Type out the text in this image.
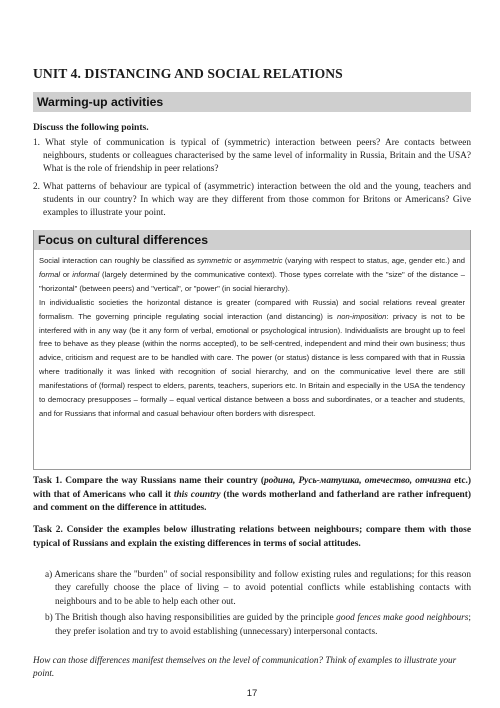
UNIT 4. DISTANCING AND SOCIAL RELATIONS
Warming-up activities
Discuss the following points.
1. What style of communication is typical of (symmetric) interaction between peers? Are contacts between neighbours, students or colleagues characterised by the same level of informality in Russia, Britain and the USA? What is the role of friendship in peer relations?
2. What patterns of behaviour are typical of (asymmetric) interaction between the old and the young, teachers and students in our country? In which way are they different from those common for Britons or Americans? Give examples to illustrate your point.
Focus on cultural differences

Social interaction can roughly be classified as symmetric or asymmetric (varying with respect to status, age, gender etc.) and formal or informal (largely determined by the communicative context). Those types correlate with the "size" of the distance – "horizontal" (between peers) and "vertical", or "power" (in social hierarchy).

In individualistic societies the horizontal distance is greater (compared with Russia) and social relations reveal greater formalism. The governing principle regulating social interaction (and distancing) is non-imposition: privacy is not to be interfered with in any way (be it any form of verbal, emotional or psychological intrusion). Individualists are brought up to feel free to behave as they please (within the norms accepted), to be self-centred, independent and mind their own business; thus advice, criticism and request are to be handled with care. The power (or status) distance is less compared with that in Russia where traditionally it was linked with recognition of social hierarchy, and on the communicative level there are still manifestations of (formal) respect to elders, parents, teachers, superiors etc. In Britain and especially in the USA the tendency to democracy presupposes – formally – equal vertical distance between a boss and subordinates, or a teacher and students, and for Russians that informal and casual behaviour often borders with disrespect.

Task 1. Compare the way Russians name their country (родина, Русь-матушка, отечество, отчизна etc.) with that of Americans who call it this country (the words motherland and fatherland are rather infrequent) and comment on the difference in attitudes.
Task 2. Consider the examples below illustrating relations between neighbours; compare them with those typical of Russians and explain the existing differences in terms of social attitudes.
a) Americans share the "burden" of social responsibility and follow existing rules and regulations; for this reason they carefully choose the place of living – to avoid potential conflicts while establishing contacts with neighbours and to be able to help each other out.
b) The British though also having responsibilities are guided by the principle good fences make good neighbours; they prefer isolation and try to avoid establishing (unnecessary) interpersonal contacts.
How can those differences manifest themselves on the level of communication? Think of examples to illustrate your point.
17
